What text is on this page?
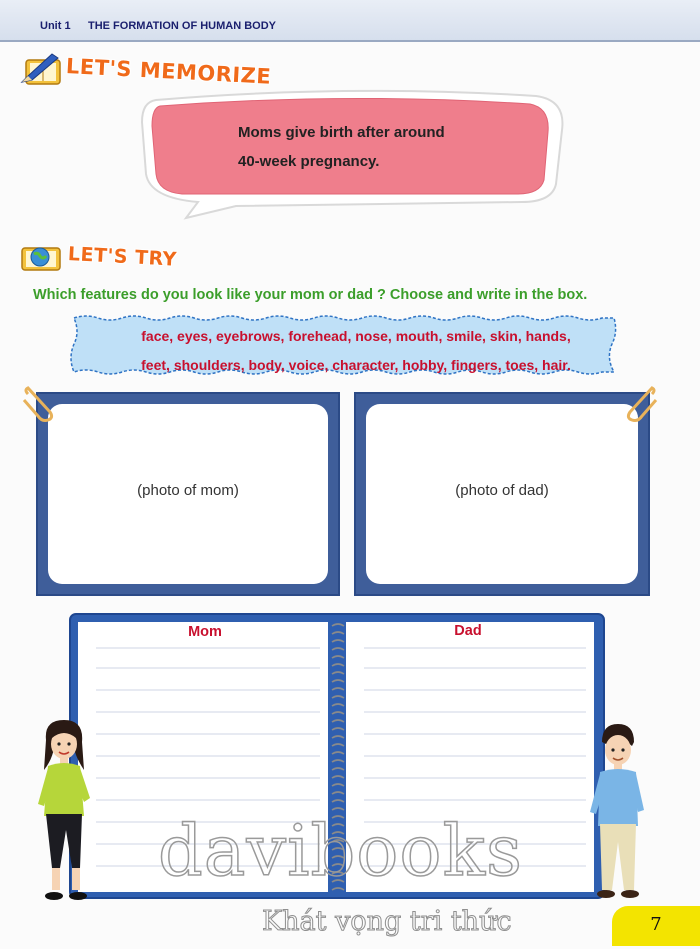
Unit 1 THE FORMATION OF HUMAN BODY
LET'S MEMORIZE
Moms give birth after around
40-week pregnancy.
LET'S TRY
Which features do you look like your mom or dad ? Choose and write in the box.
face, eyes, eyebrows, forehead, nose, mouth, smile, skin, hands,
feet, shoulders, body, voice, character, hobby, fingers, toes, hair.
(photo of mom)	(photo of dad)
Mom	Dad
davibooks
Khát vọng tri thức	7
